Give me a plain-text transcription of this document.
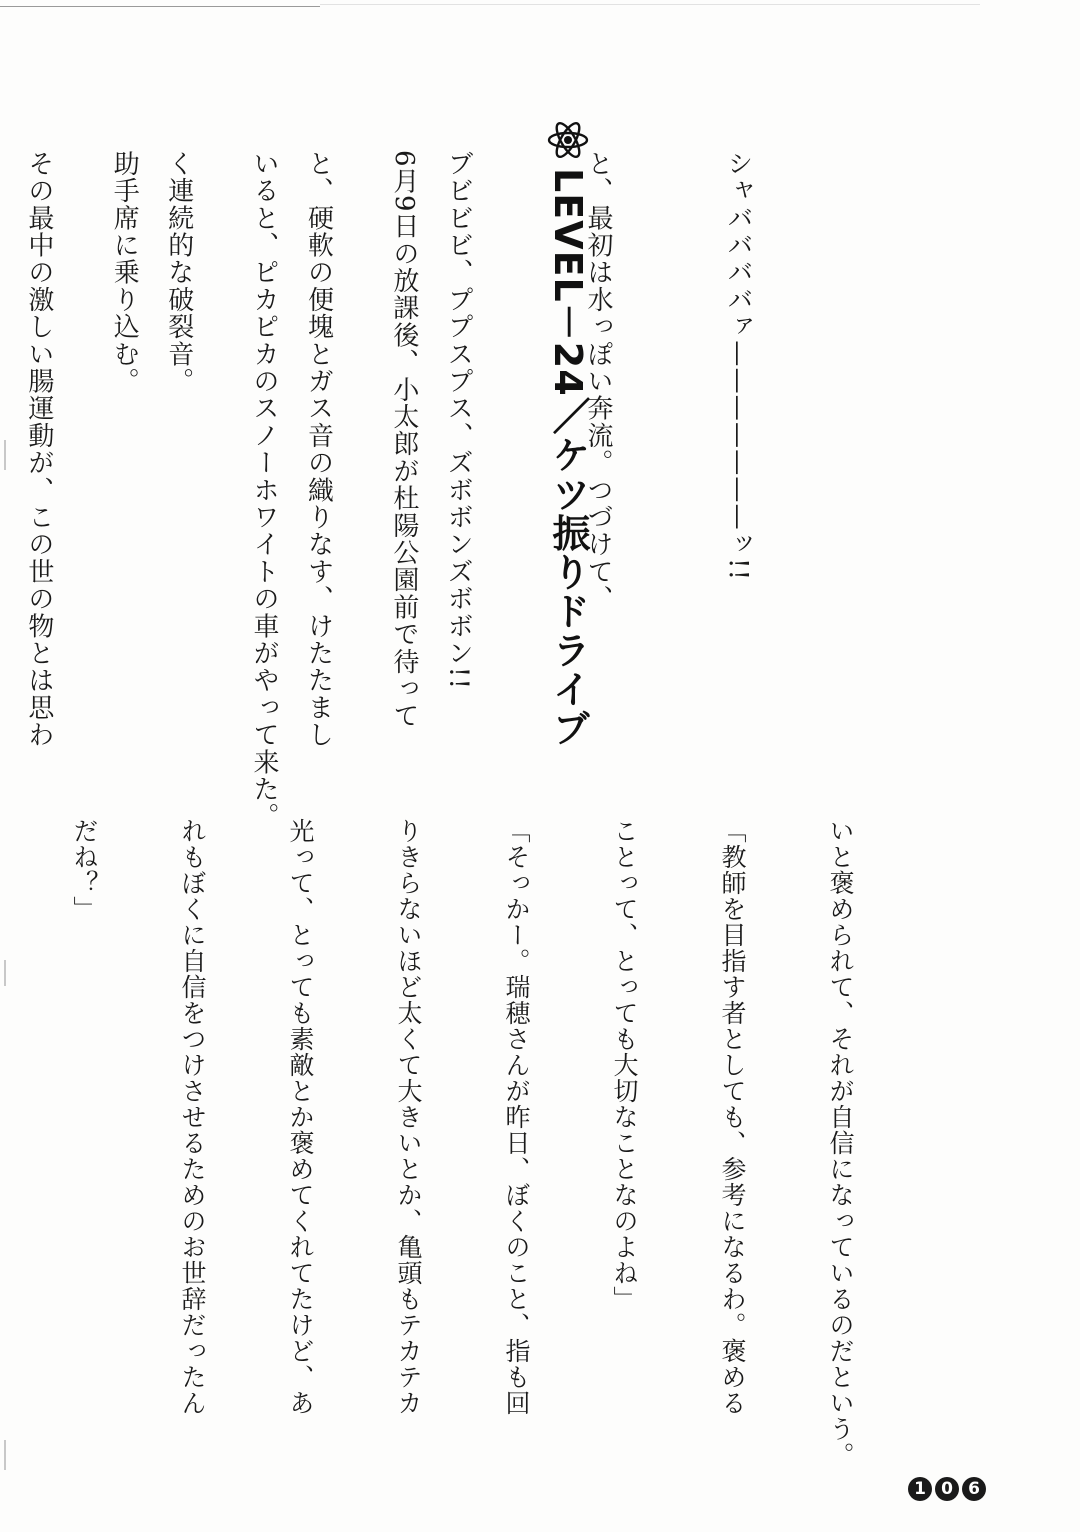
シャババババァ———————ッ!!

と、最初は水っぽい奔流。つづけて、

ブビビビ、ププスプス、ズボボンズボボン!!

と、硬軟の便塊とガス音の織りなす、けたたまし

く連続的な破裂音。

その最中の激しい腸運動が、この世の物とは思わ

	LEVEL－24／ケツ振りドライブ

6月9日の放課後、小太郎が杜陽公園前で待って

いると、ピカピカのスノーホワイトの車がやって来た。

助手席に乗り込む。

いと褒められて、それが自信になっているのだという。

「教師を目指す者としても、参考になるわ。褒める

ことって、とっても大切なことなのよね」

「そっかー。瑞穂さんが昨日、ぼくのこと、指も回

りきらないほど太くて大きいとか、亀頭もテカテカ

光って、とっても素敵とか褒めてくれてたけど、あ

れもぼくに自信をつけさせるためのお世辞だったん

だね？」

1 0 6
